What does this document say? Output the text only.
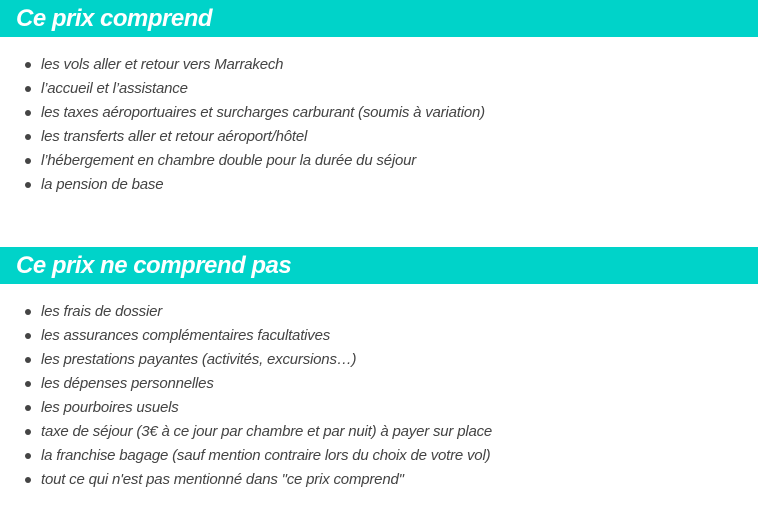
Ce prix comprend
les vols aller et retour vers Marrakech
l’accueil et l’assistance
les taxes aéroportuaires et surcharges carburant (soumis à variation)
les transferts aller et retour aéroport/hôtel
l’hébergement en chambre double pour la durée du séjour
la pension de base
Ce prix ne comprend pas
les frais de dossier
les assurances complémentaires facultatives
les prestations payantes (activités, excursions…)
les dépenses personnelles
les pourboires usuels
taxe de séjour (3€ à ce jour par chambre et par nuit) à payer sur place
la franchise bagage (sauf mention contraire lors du choix de votre vol)
tout ce qui n'est pas mentionné dans "ce prix comprend"
